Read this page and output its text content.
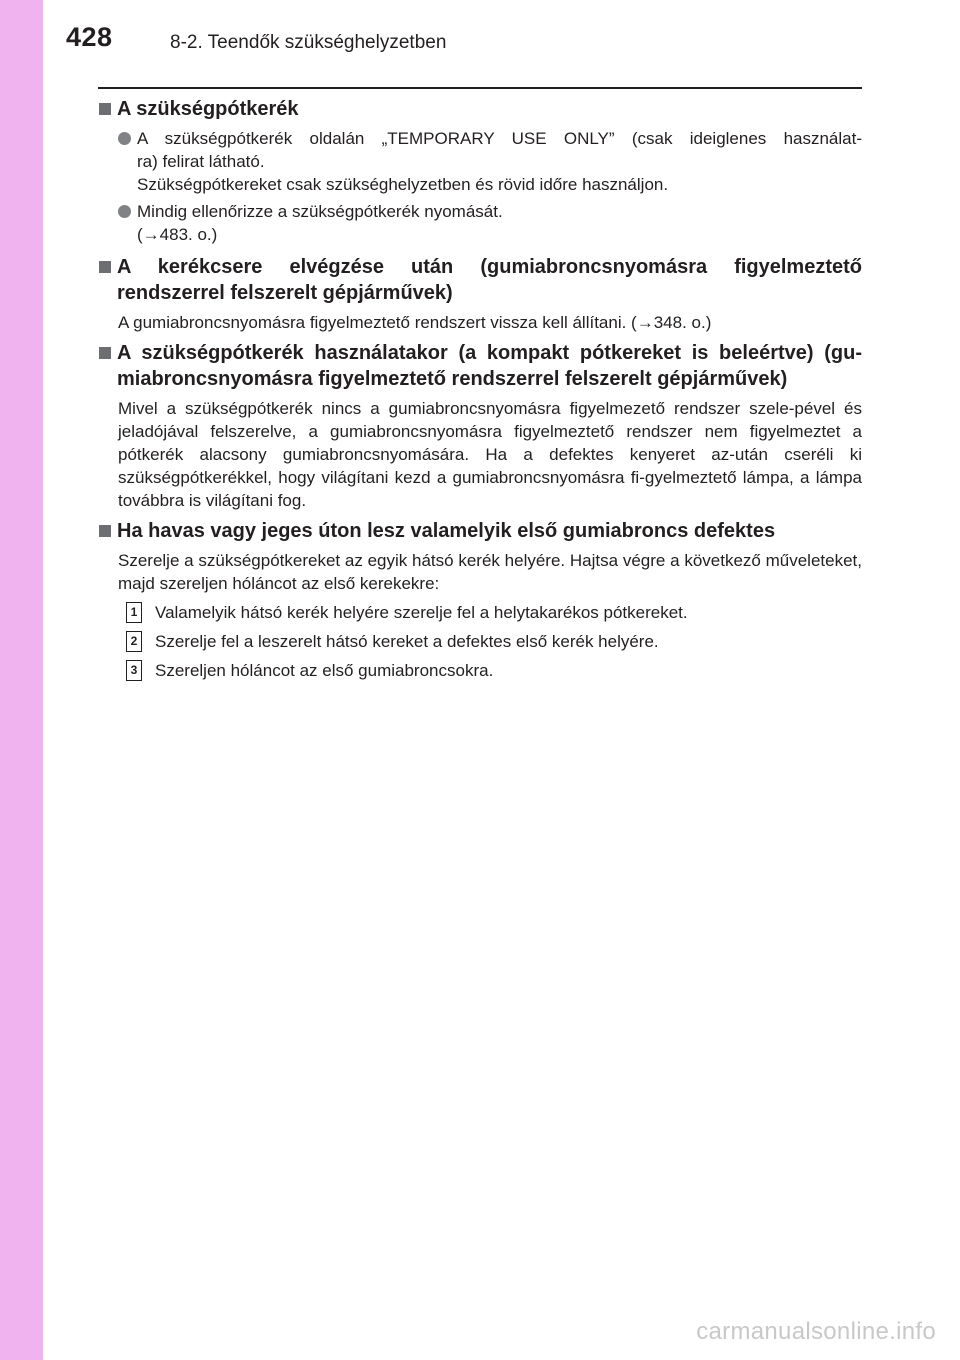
428	8-2. Teendők szükséghelyzetben
A szükségpótkerék
A szükségpótkerék oldalán „TEMPORARY USE ONLY” (csak ideiglenes használat-
ra) felirat látható.
Szükségpótkereket csak szükséghelyzetben és rövid időre használjon.
Mindig ellenőrizze a szükségpótkerék nyomását.
(→483. o.)
A kerékcsere elvégzése után (gumiabroncsnyomásra figyelmeztető rendszerrel felszerelt gépjárművek)
A gumiabroncsnyomásra figyelmeztető rendszert vissza kell állítani. (→348. o.)
A szükségpótkerék használatakor (a kompakt pótkereket is beleértve) (gu-miabroncsnyomásra figyelmeztető rendszerrel felszerelt gépjárművek)
Mivel a szükségpótkerék nincs a gumiabroncsnyomásra figyelmezető rendszer szele-pével és jeladójával felszerelve, a gumiabroncsnyomásra figyelmeztető rendszer nem figyelmeztet a pótkerék alacsony gumiabroncsnyomására. Ha a defektes kenyeret az-után cseréli ki szükségpótkerékkel, hogy világítani kezd a gumiabroncsnyomásra fi-gyelmeztető lámpa, a lámpa továbbra is világítani fog.
Ha havas vagy jeges úton lesz valamelyik első gumiabroncs defektes
Szerelje a szükségpótkereket az egyik hátsó kerék helyére. Hajtsa végre a következő műveleteket, majd szereljen hóláncot az első kerekekre:
1 Valamelyik hátsó kerék helyére szerelje fel a helytakarékos pótkereket.
2 Szerelje fel a leszerelt hátsó kereket a defektes első kerék helyére.
3 Szereljen hóláncot az első gumiabroncsokra.
carmanualsonline.info
